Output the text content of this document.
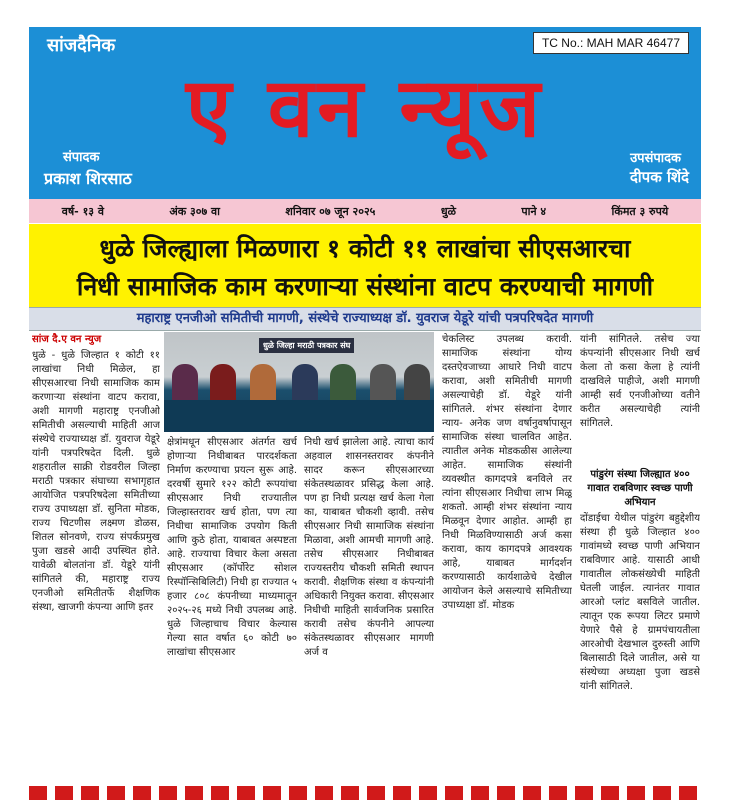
सांजदैनिक	TC No.: MAH MAR 46477
ए वन न्यूज
संपादक
प्रकाश शिरसाठ
उपसंपादक
दीपक शिंदे
वर्ष- १३ वे	अंक ३०७ वा	शनिवार ०७ जून २०२५	धुळे	पाने ४	किंमत ३ रुपये
धुळे जिल्ह्याला मिळणारा १ कोटी ११ लाखांचा सीएसआरचा
निधी सामाजिक काम करणाऱ्या संस्थांना वाटप करण्याची मागणी
महाराष्ट्र एनजीओ समितीची मागणी, संस्थेचे राज्याध्यक्ष डॉ. युवराज येडूरे यांची पत्रपरिषदेत मागणी
सांज दै.ए वन न्युज
धुळे - धुळे जिल्हात १ कोटी ११ लाखांचा निधी मिळेल, हा सीएसआरचा निधी सामाजिक काम करणाऱ्या संस्थांना वाटप करावा, अशी मागणी महाराष्ट्र एनजीओ समितीची असल्याची माहिती आज संस्थेचे राज्याध्यक्ष डॉ. युवराज येडूरे यांनी पत्रपरिषदेत दिली. धुळे शहरातील साक्री रोडवरील जिल्हा मराठी पत्रकार संघाच्या सभागृहात आयोजित पत्रपरिषदेला समितीच्या राज्य उपाध्यक्षा डॉ. सुनिता मोडक, राज्य चिटणीस लक्ष्मण डोळस, शितल सोनवणे, राज्य संपर्कप्रमुख पुजा खडसे आदी उपस्थित होते. यावेळी बोलतांना डॉ. येडूरे यांनी सांगितले की, महाराष्ट्र राज्य एनजीओ समितीतर्फे शैक्षणिक संस्था, खाजगी कंपन्या आणि इतर
धुळे जिल्हा मराठी पत्रकार संघ
क्षेत्रांमधून सीएसआर अंतर्गत खर्च होणाऱ्या निधीबाबत पारदर्शकता निर्माण करण्याचा प्रयत्न सुरू आहे. दरवर्षी सुमारे १२२ कोटी रूपयांचा सीएसआर निधी राज्यातील जिल्हास्तरावर खर्च होता, पण त्या निधीचा सामाजिक उपयोग किती आणि कुठे होता, याबाबत अस्पष्टता आहे. राज्याचा विचार केला असता सीएसआर (कॉर्पोरेट सोशल रिस्पॉन्सिबिलिटी) निधी हा राज्यात ५ हजार ८०८ कंपनीच्या माध्यमातून २०२५-२६ मध्ये निधी उपलब्ध आहे. धुळे जिल्हाचाच विचार केल्यास गेल्या सात वर्षात ६० कोटी ७० लाखांचा सीएसआर
निधी खर्च झालेला आहे. त्याचा कार्य अहवाल शासनस्तरावर कंपनीने सादर करून सीएसआरच्या संकेतस्थळावर प्रसिद्ध केला आहे. पण हा निधी प्रत्यक्ष खर्च केला गेला का, याबाबत चौकशी व्हावी. तसेच सीएसआर निधी सामाजिक संस्थांना मिळावा, अशी आमची मागणी आहे. तसेच सीएसआर निधीबाबत राज्यस्तरीय चौकशी समिती स्थापन करावी. शैक्षणिक संस्था व कंपन्यांनी अधिकारी नियुक्त करावा. सीएसआर निधीची माहिती सार्वजनिक प्रसारित करावी तसेच कंपनीने आपल्या संकेतस्थळावर सीएसआर मागणी अर्ज व
चेकलिस्ट उपलब्ध करावी. सामाजिक संस्थांना योग्य दस्तऐवजाच्या आधारे निधी वाटप करावा, अशी समितीची मागणी असल्याचेही डॉ. येडूरे यांनी सांगितले. शंभर संस्थांना देणार न्याय- अनेक जण वर्षानुवर्षापासून सामाजिक संस्था चालवित आहेत. त्यातील अनेक मोडकळीस आलेल्या आहेत. सामाजिक संस्थांनी व्यवस्थीत कागदपत्रे बनविले तर त्यांना सीएसआर निधीचा लाभ मिळू शकतो. आम्ही शंभर संस्थांना न्याय मिळवून देणार आहोत. आम्ही हा निधी मिळविण्यासाठी अर्ज कसा करावा, काय कागदपत्रे आवश्यक आहे, याबाबत मार्गदर्शन करण्यासाठी कार्यशाळेचे देखील आयोजन केले असल्याचे समितीच्या उपाध्यक्षा डॉ. मोडक
यांनी सांगितले. तसेच ज्या कंपन्यांनी सीएसआर निधी खर्च केला तो कसा केला हे त्यांनी दाखविले पाहीजे, अशी मागणी आम्ही सर्व एनजीओच्या वतीने करीत असल्याचेही त्यांनी सांगितले.
पांडुरंग संस्था जिल्ह्यात ४०० गावात राबविणार स्वच्छ पाणी अभियान
दोंडाईचा येथील पांडुरंग बहुद्देशीय संस्था ही धुळे जिल्हात ४०० गावांमध्ये स्वच्छ पाणी अभियान राबविणार आहे. यासाठी आधी गावातील लोकसंख्येची माहिती घेतली जाईल. त्यानंतर गावात आरओ प्लांट बसविले जातील. त्यातून एक रूपया लिटर प्रमाणे येणारे पैसे हे ग्रामपंचायतीला आरओची देखभाल दुरुस्ती आणि बिलासाठी दिले जातील, असे या संस्थेच्या अध्यक्षा पुजा खडसे यांनी सांगितले.
